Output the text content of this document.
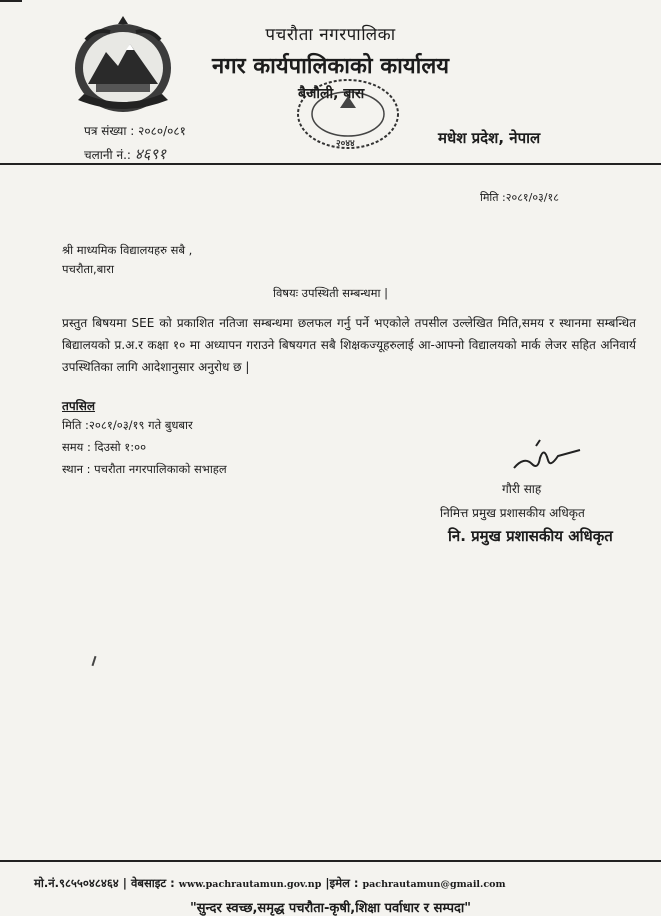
पचरौता नगरपालिका
नगर कार्यपालिकाको कार्यालय
२०४४
बैजौली, बारा
पत्र संख्या : २०८०/०८१
चलानी नं.: ४६९१
मधेश प्रदेश, नेपाल
मिति :२०८१/०३/१८
श्री माध्यमिक विद्यालयहरु सबै ,
पचरौता,बारा
विषयः उपस्थिती सम्बन्धमा |
प्रस्तुत बिषयमा SEE को प्रकाशित नतिजा सम्बन्धमा छलफल गर्नु पर्ने भएकोले तपसील उल्लेखित मिति,समय र स्थानमा सम्बन्धित बिद्यालयको प्र.अ.र कक्षा १० मा अध्यापन गराउने बिषयगत सबै शिक्षकज्यूहरुलाई आ-आफ्नो विद्यालयको मार्क लेजर सहित अनिवार्य उपस्थितिका लागि आदेशानुसार अनुरोध छ |
तपसिल
मिति :२०८१/०३/१९ गते बुधबार
समय : दिउसो १:००
स्थान : पचरौता नगरपालिकाको सभाहल
गौरी साह
निमित्त प्रमुख प्रशासकीय अधिकृत
नि. प्रमुख प्रशासकीय अधिकृत
मो.नं.९८५५०४८४६४ | वेबसाइट : www.pachrautamun.gov.np |इमेल : pachrautamun@gmail.com
"सुन्दर स्वच्छ,समृद्ध पचरौता-कृषी,शिक्षा पर्वाधार र सम्पदा"
